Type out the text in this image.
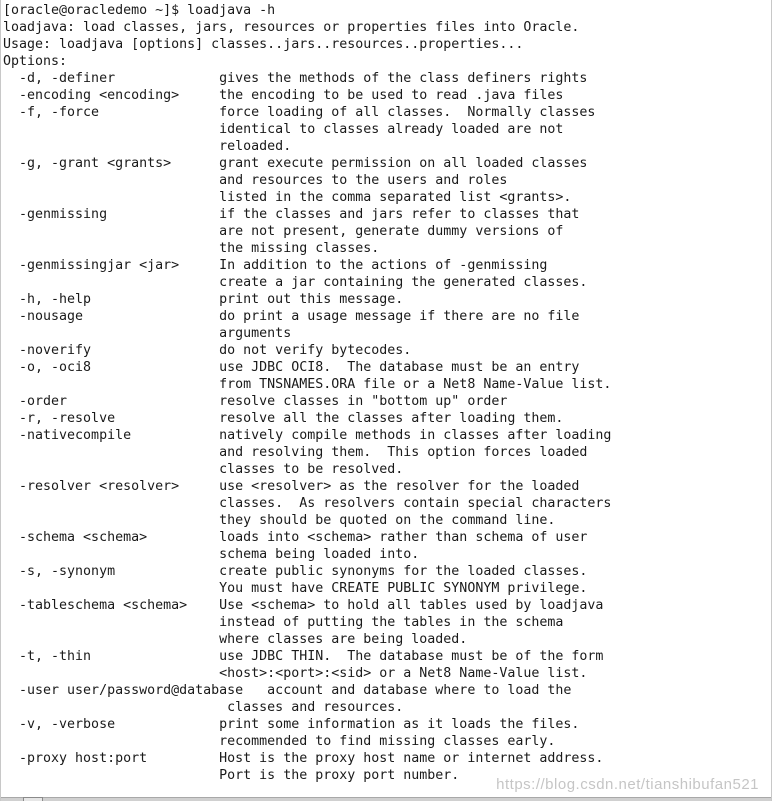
[oracle@oracledemo ~]$ loadjava -h
loadjava: load classes, jars, resources or properties files into Oracle.
Usage: loadjava [options] classes..jars..resources..properties...
Options:
-d, -definer             gives the methods of the class definers rights
-encoding <encoding>     the encoding to be used to read .java files
-f, -force               force loading of all classes.  Normally classes
identical to classes already loaded are not
reloaded.
-g, -grant <grants>      grant execute permission on all loaded classes
and resources to the users and roles
listed in the comma separated list <grants>.
-genmissing              if the classes and jars refer to classes that
are not present, generate dummy versions of
the missing classes.
-genmissingjar <jar>     In addition to the actions of -genmissing
create a jar containing the generated classes.
-h, -help                print out this message.
-nousage                 do print a usage message if there are no file
arguments
-noverify                do not verify bytecodes.
-o, -oci8                use JDBC OCI8.  The database must be an entry
from TNSNAMES.ORA file or a Net8 Name-Value list.
-order                   resolve classes in "bottom up" order
-r, -resolve             resolve all the classes after loading them.
-nativecompile           natively compile methods in classes after loading
and resolving them.  This option forces loaded
classes to be resolved.
-resolver <resolver>     use <resolver> as the resolver for the loaded
classes.  As resolvers contain special characters
they should be quoted on the command line.
-schema <schema>         loads into <schema> rather than schema of user
schema being loaded into.
-s, -synonym             create public synonyms for the loaded classes.
You must have CREATE PUBLIC SYNONYM privilege.
-tableschema <schema>    Use <schema> to hold all tables used by loadjava
instead of putting the tables in the schema
where classes are being loaded.
-t, -thin                use JDBC THIN.  The database must be of the form
<host>:<port>:<sid> or a Net8 Name-Value list.
-user user/password@database   account and database where to load the
classes and resources.
-v, -verbose             print some information as it loads the files.
recommended to find missing classes early.
-proxy host:port         Host is the proxy host name or internet address.
Port is the proxy port number.
https://blog.csdn.net/tianshibufan521
